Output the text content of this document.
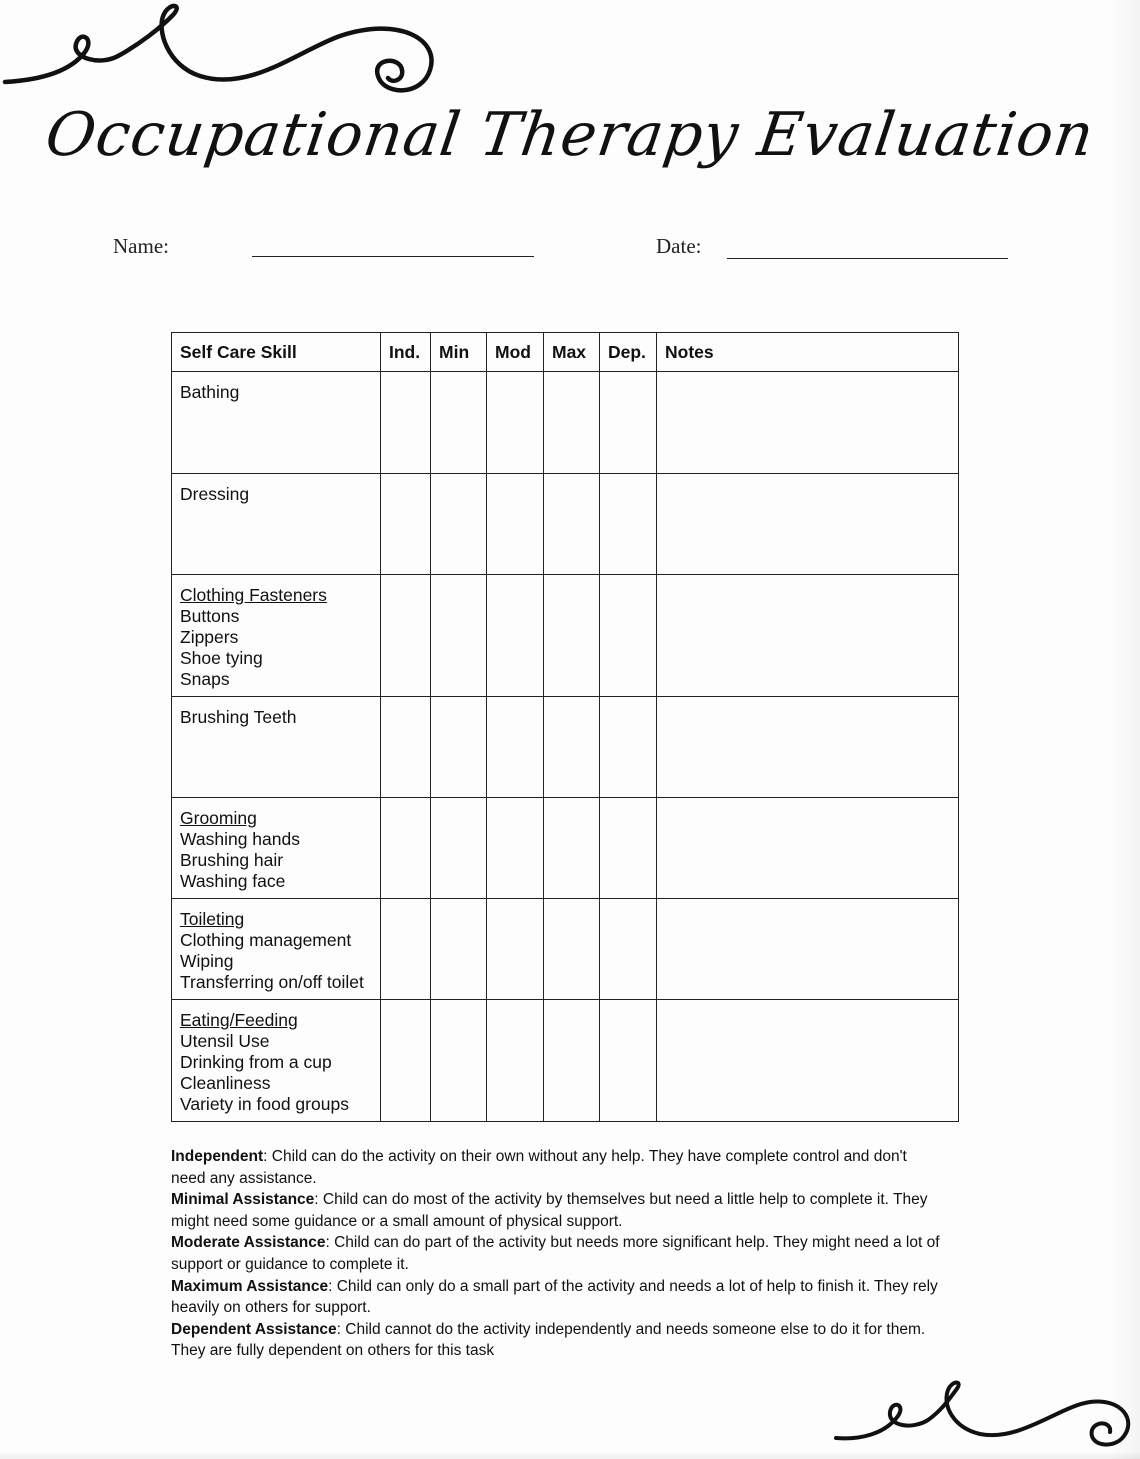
Occupational Therapy Evaluation
Name:	Date:
Self Care Skill	Ind.	Min	Mod	Max	Dep.	Notes

Bathing						

Dressing						

Clothing Fasteners
Buttons
Zippers
Shoe tying
Snaps						

Brushing Teeth						

Grooming
Washing hands
Brushing hair
Washing face						

Toileting
Clothing management
Wiping
Transferring on/off toilet						

Eating/Feeding
Utensil Use
Drinking from a cup
Cleanliness
Variety in food groups						

Independent: Child can do the activity on their own without any help. They have complete control and don't need any assistance.

Minimal Assistance: Child can do most of the activity by themselves but need a little help to complete it. They might need some guidance or a small amount of physical support.

Moderate Assistance: Child can do part of the activity but needs more significant help. They might need a lot of support or guidance to complete it.

Maximum Assistance: Child can only do a small part of the activity and needs a lot of help to finish it. They rely heavily on others for support.

Dependent Assistance: Child cannot do the activity independently and needs someone else to do it for them. They are fully dependent on others for this task
